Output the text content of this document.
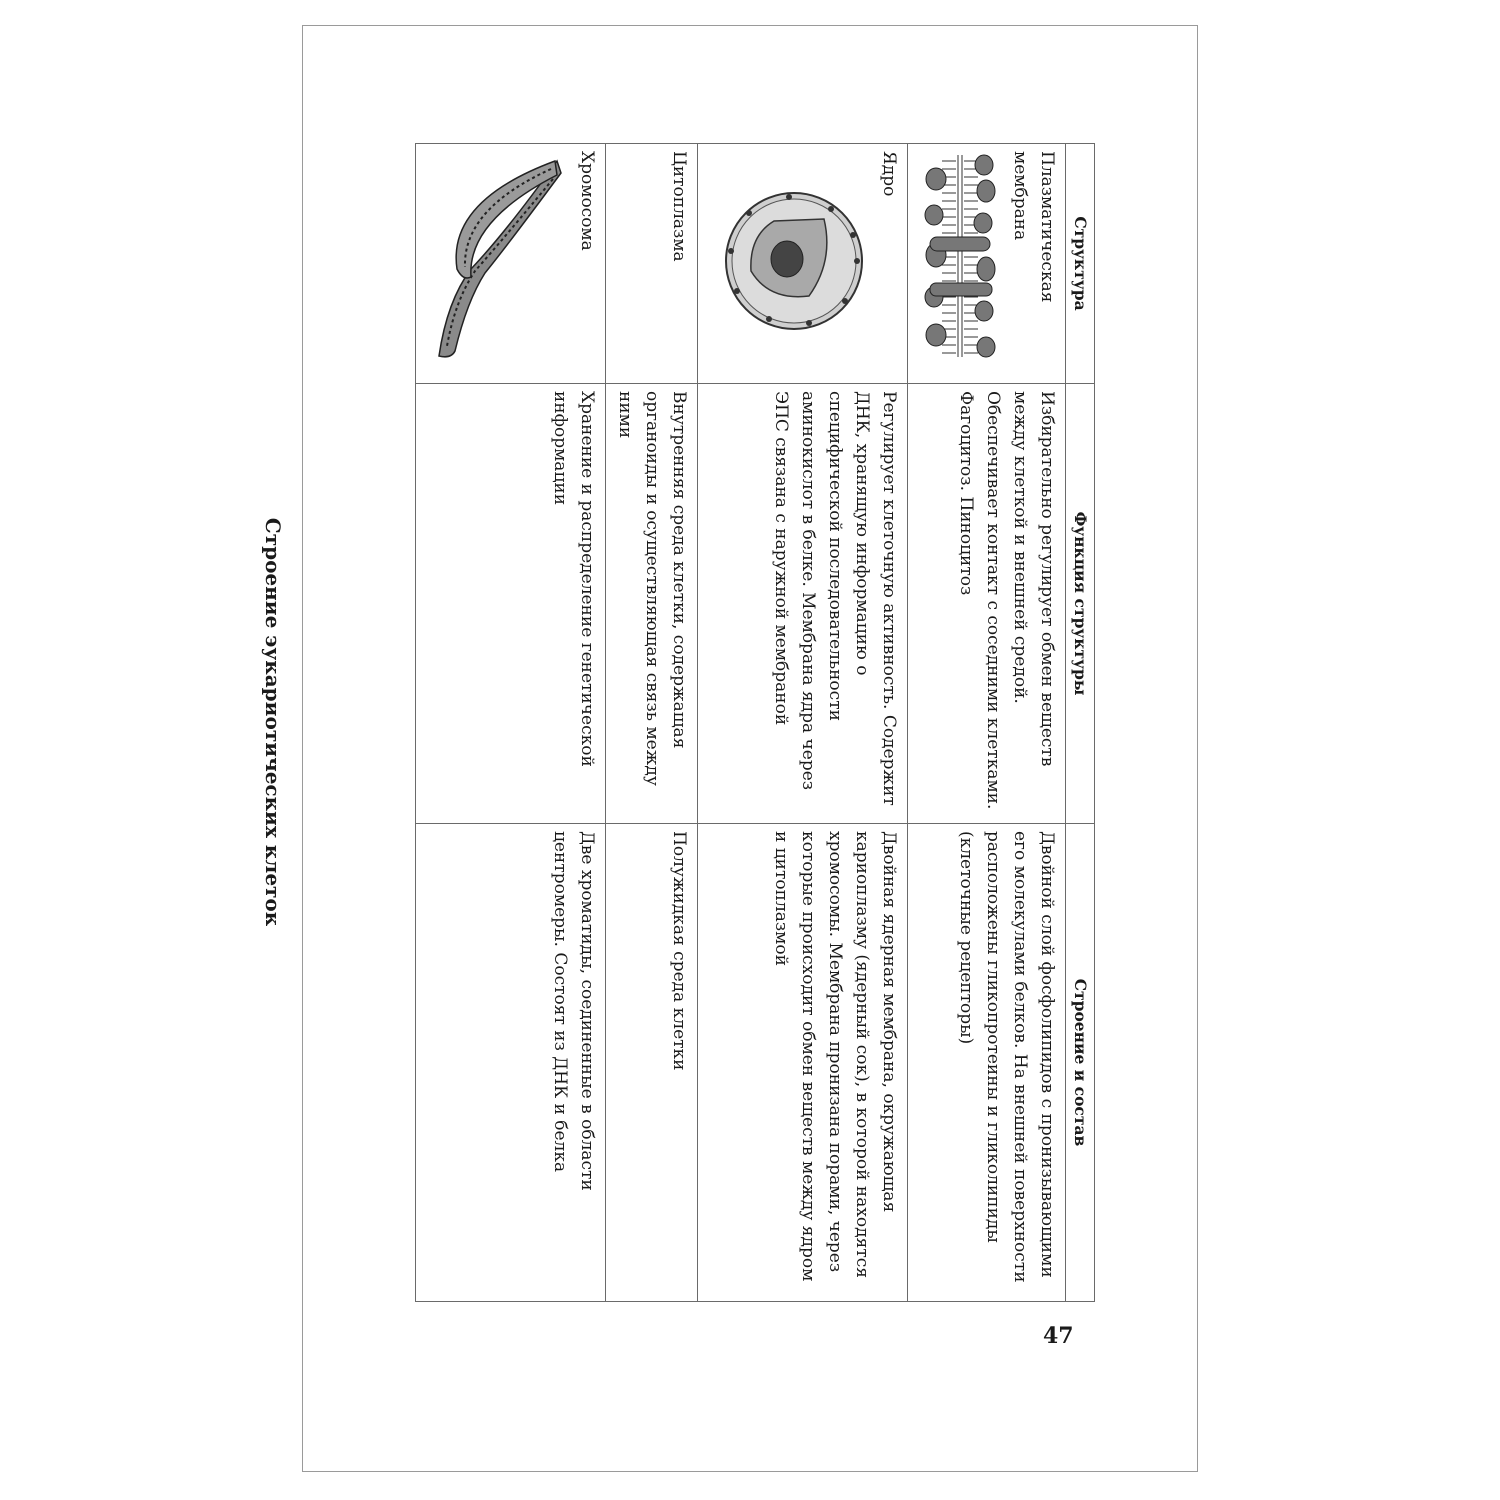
Структура	Функция структуры	Строение и состав

Плазматическая мембрана	Избирательно регулирует обмен веществ между клеткой и внешней средой. Обеспечивает контакт с соседними клетками. Фагоцитоз. Пиноцитоз	Двойной слой фосфолипидов с пронизывающими его молекулами белков. На внешней поверхности расположены гликопротеины и гликолипиды (клеточные рецепторы)

Ядро	Регулирует клеточную активность. Содержит ДНК, хранящую информацию о специфической последовательности аминокислот в белке. Мембрана ядра через ЭПС связана с наружной мембраной	Двойная ядерная мембрана, окружающая кариоплазму (ядерный сок), в которой находятся хромосомы. Мембрана пронизана порами, через которые происходит обмен веществ между ядром и цитоплазмой

Цитоплазма	Внутренняя среда клетки, содержащая органоиды и осуществляющая связь между ними	Полужидкая среда клетки

Хромосома	Хранение и распределение генетической информации	Две хроматиды, соединенные в области центромеры. Состоят из ДНК и белка
Строение эукариотических клеток
47
